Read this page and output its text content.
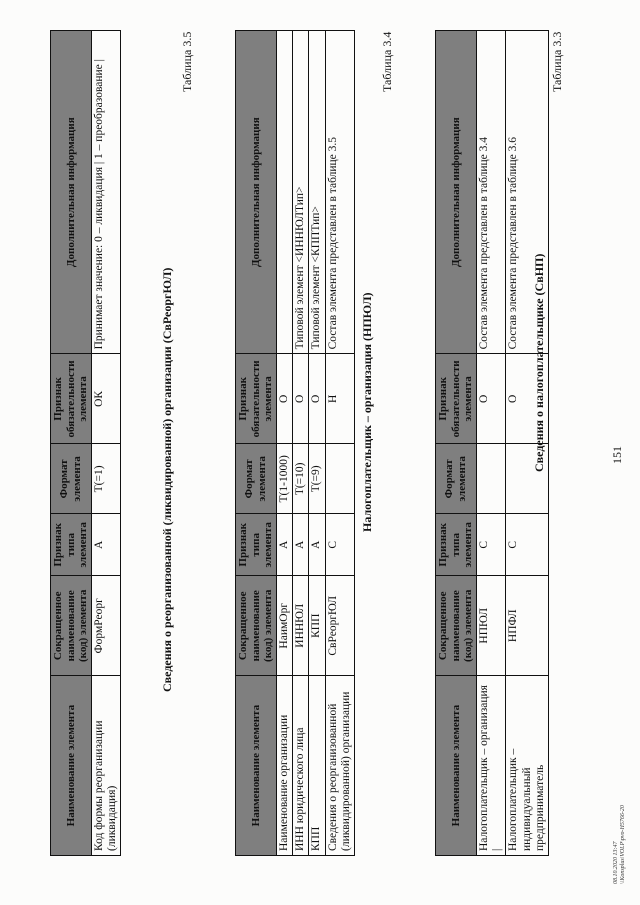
151
Таблица 3.3
Сведения о налогоплательщике (СвНП)
Наименование элемента	Сокращенное наименование (код) элемента	Признак типа элемента	Формат элемента	Признак обязательности элемента	Дополнительная информация
Налогоплательщик – организация |	НПЮЛ	С		О	Состав элемента представлен в таблице 3.4
Налогоплательщик – индивидуальный предприниматель	НПФЛ	С		О	Состав элемента представлен в таблице 3.6
Таблица 3.4
Налогоплательщик – организация (НПЮЛ)
Наименование элемента	Сокращенное наименование (код) элемента	Признак типа элемента	Формат элемента	Признак обязательности элемента	Дополнительная информация
Наименование организации	НаимОрг	А	T(1-1000)	О	
ИНН юридического лица	ИННЮЛ	А	T(=10)	О	Типовой элемент <ИННЮЛТип>
КПП	КПП	А	T(=9)	О	Типовой элемент <КППТип>
Сведения о реорганизованной (ликвидированной) организации	СвРеоргЮЛ	С		Н	Состав элемента представлен в таблице 3.5
Таблица 3.5
Сведения о реорганизованной (ликвидированной) организации (СвРеоргЮЛ)
Наименование элемента	Сокращенное наименование (код) элемента	Признак типа элемента	Формат элемента	Признак обязательности элемента	Дополнительная информация
Код формы реорганизации (ликвидация)	ФормРеорг	А	T(=1)	ОК	Принимает значение: 0 – ликвидация | 1 – преобразование |
08.10.2020 13:47 \\Konsplus\VOLP\pvo-H5766-20
